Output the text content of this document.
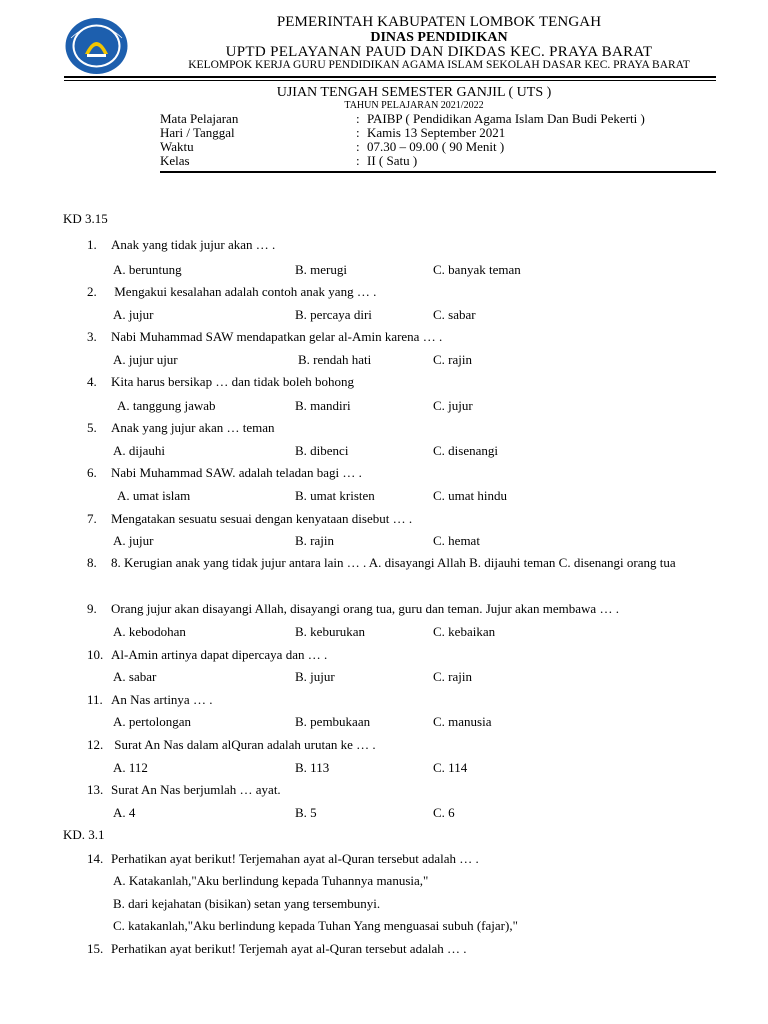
PEMERINTAH KABUPATEN LOMBOK TENGAH
DINAS PENDIDIKAN
UPTD PELAYANAN PAUD DAN DIKDAS KEC. PRAYA BARAT
KELOMPOK KERJA GURU PENDIDIKAN AGAMA ISLAM SEKOLAH DASAR KEC. PRAYA BARAT
UJIAN TENGAH SEMESTER GANJIL ( UTS )
TAHUN PELAJARAN 2021/2022
Mata Pelajaran	: PAIBP ( Pendidikan Agama Islam Dan Budi Pekerti )
Hari / Tanggal	: Kamis 13 September 2021
Waktu	: 07.30 – 09.00 ( 90 Menit )
Kelas	: II ( Satu )
KD 3.15
1. Anak yang tidak jujur akan … .
A. beruntung	B. merugi	C. banyak teman
2. Mengakui kesalahan adalah contoh anak yang … .
A. jujur	B. percaya diri	C. sabar
3. Nabi Muhammad SAW mendapatkan gelar al-Amin karena … .
A. jujur ujur	B. rendah hati	C. rajin
4. Kita harus bersikap … dan tidak boleh bohong
A. tanggung jawab	B. mandiri	C. jujur
5. Anak yang jujur akan … teman
A. dijauhi	B. dibenci	C. disenangi
6. Nabi Muhammad SAW. adalah teladan bagi … .
A. umat islam	B. umat kristen	C. umat hindu
7. Mengatakan sesuatu sesuai dengan kenyataan disebut … .
A. jujur	B. rajin	C. hemat
8. 8. Kerugian anak yang tidak jujur antara lain … . A. disayangi Allah B. dijauhi teman C. disenangi orang tua
9. Orang jujur akan disayangi Allah, disayangi orang tua, guru dan teman. Jujur akan membawa … .
A. kebodohan	B. keburukan	C. kebaikan
10. Al-Amin artinya dapat dipercaya dan … .
A. sabar	B. jujur	C. rajin
11. An Nas artinya … .
A. pertolongan	B. pembukaan	C. manusia
12. Surat An Nas dalam alQuran adalah urutan ke … .
A. 112	B. 113	C. 114
13. Surat An Nas berjumlah … ayat.
A. 4	B. 5	C. 6
KD. 3.1
14. Perhatikan ayat berikut! Terjemahan ayat al-Quran tersebut adalah … .
A. Katakanlah,"Aku berlindung kepada Tuhannya manusia,"
B. dari kejahatan (bisikan) setan yang tersembunyi.
C. katakanlah,"Aku berlindung kepada Tuhan Yang menguasai subuh (fajar),"
15. Perhatikan ayat berikut! Terjemah ayat al-Quran tersebut adalah … .
